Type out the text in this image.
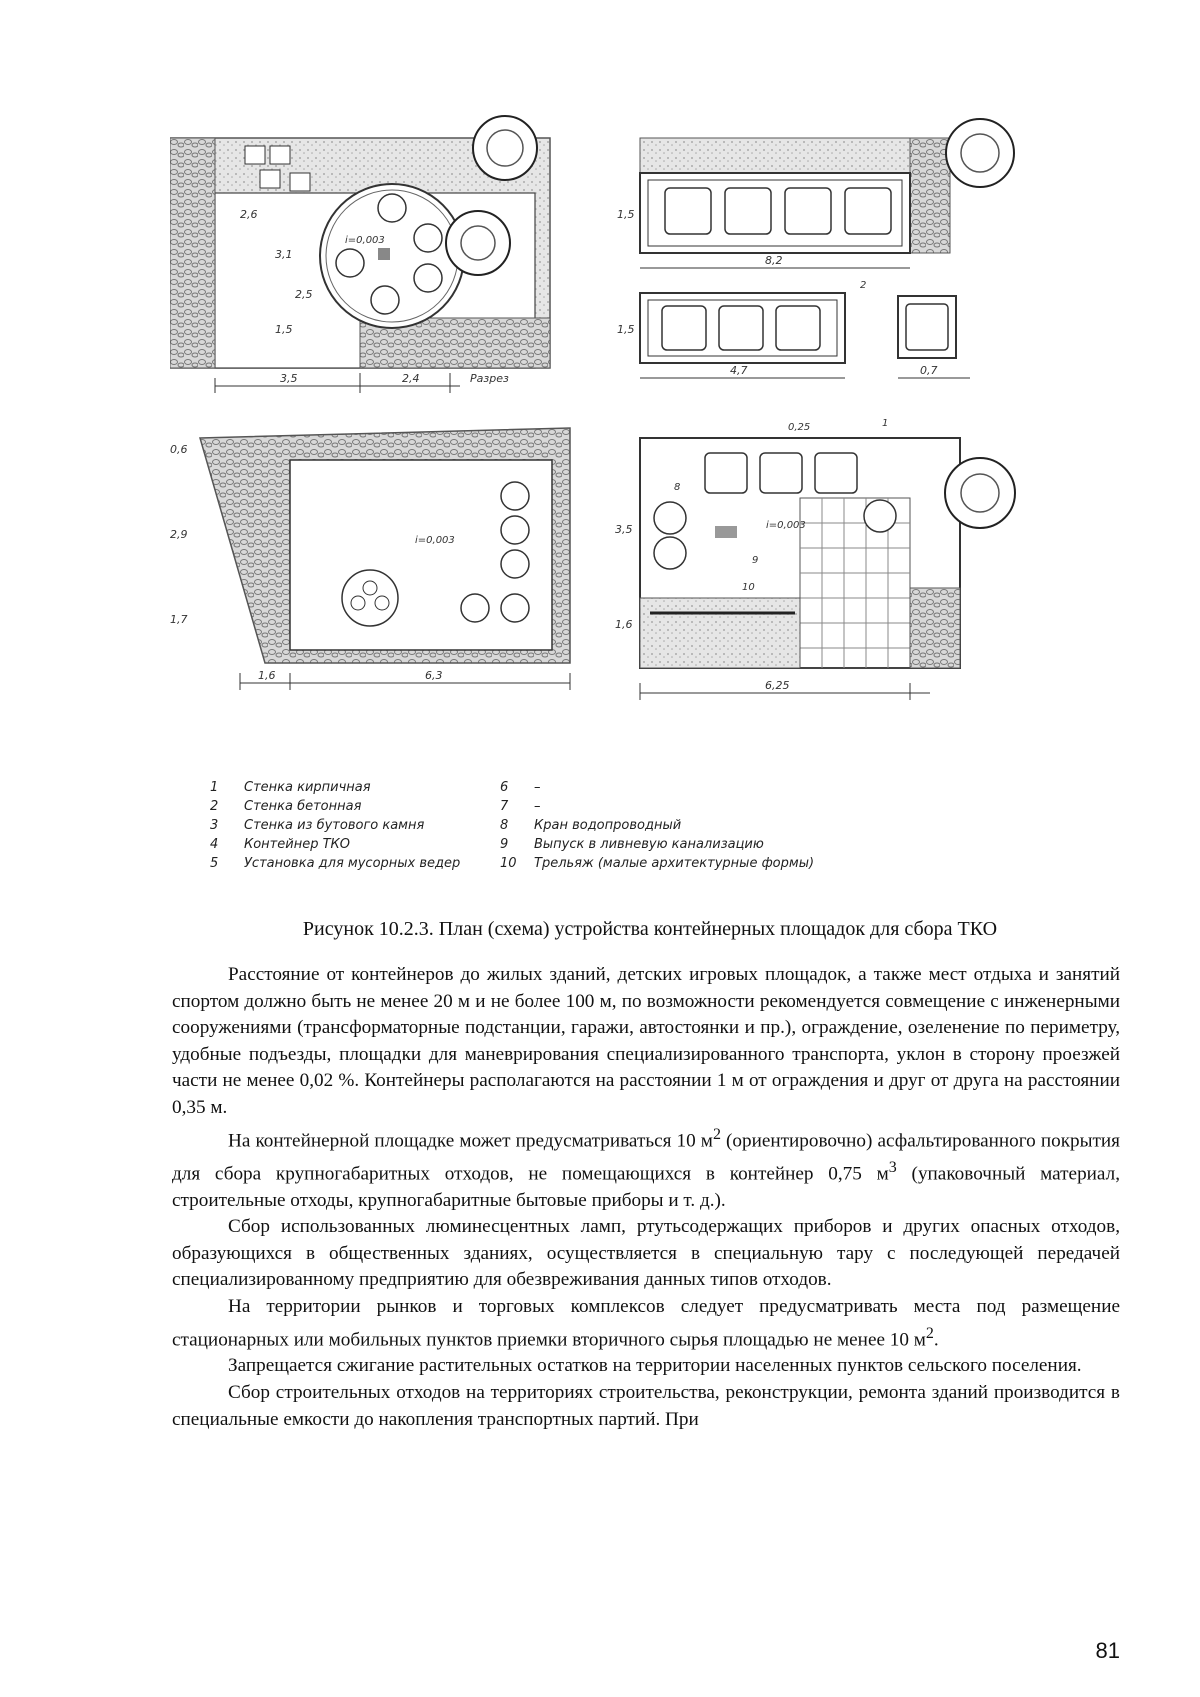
3,5	2,4	Разрез
2,6
3,1
2,5
1,5
i=0,003
8,2
1,5
4,7	0,7
1,5
2
1,6	6,3
0,6
2,9
1,7
i=0,003
6,25
3,5
1,6
0,25	1
i=0,003
8
9
10
1 Стенка кирпичная
2 Стенка бетонная
3 Стенка из бутового камня
4 Контейнер ТКО
5 Установка для мусорных ведер
6 –
7 –
8 Кран водопроводный
9 Выпуск в ливневую канализацию
10 Трельяж (малые архитектурные формы)
Рисунок 10.2.3. План (схема) устройства контейнерных площадок для сбора ТКО

Расстояние от контейнеров до жилых зданий, детских игровых площадок, а также мест отдыха и занятий спортом должно быть не менее 20 м и не более 100 м, по возможности рекомендуется совмещение с инженерными сооружениями (трансформаторные подстанции, гаражи, автостоянки и пр.), ограждение, озеленение по периметру, удобные подъезды, площадки для маневрирования специализированного транспорта, уклон в сторону проезжей части не менее 0,02 %. Контейнеры располагаются на расстоянии 1 м от ограждения и друг от друга на расстоянии 0,35 м.

На контейнерной площадке может предусматриваться 10 $м^2$ (ориентировочно) асфальтированного покрытия для сбора крупногабаритных отходов, не помещающихся в контейнер 0,75 $м^3$ (упаковочный материал, строительные отходы, крупногабаритные бытовые приборы и т. д.).

Сбор использованных люминесцентных ламп, ртутьсодержащих приборов и других опасных отходов, образующихся в общественных зданиях, осуществляется в специальную тару с последующей передачей специализированному предприятию для обезвреживания данных типов отходов.

На территории рынков и торговых комплексов следует предусматривать места под размещение стационарных или мобильных пунктов приемки вторичного сырья площадью не менее 10 $м^2$.

Запрещается сжигание растительных остатков на территории населенных пунктов сельского поселения.

Сбор строительных отходов на территориях строительства, реконструкции, ремонта зданий производится в специальные емкости до накопления транспортных партий. При

81
